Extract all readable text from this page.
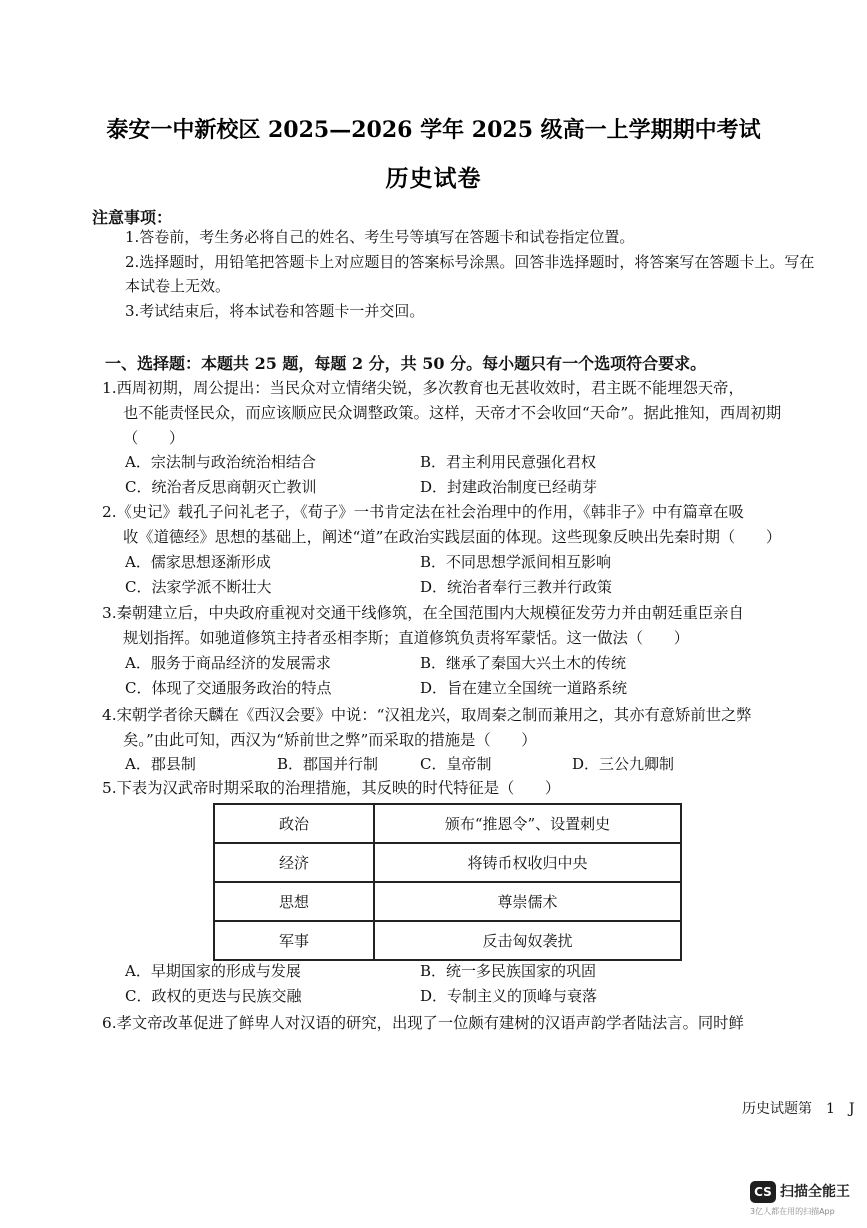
泰安一中新校区 2025—2026 学年 2025 级高一上学期期中考试
历史试卷
注意事项：
1.答卷前，考生务必将自己的姓名、考生号等填写在答题卡和试卷指定位置。
2.选择题时，用铅笔把答题卡上对应题目的答案标号涂黑。回答非选择题时，将答案写在答题卡上。写在本试卷上无效。
3.考试结束后，将本试卷和答题卡一并交回。
一、选择题：本题共 25 题，每题 2 分，共 50 分。每小题只有一个选项符合要求。
1.西周初期，周公提出：当民众对立情绪尖锐，多次教育也无甚收效时，君主既不能埋怨天帝，
也不能责怪民众，而应该顺应民众调整政策。这样，天帝才不会收回“天命”。据此推知，西周初期（　　）
A．宗法制与政治统治相结合	B．君主利用民意强化君权
C．统治者反思商朝灭亡教训	D．封建政治制度已经萌芽
2.《史记》载孔子问礼老子，《荀子》一书肯定法在社会治理中的作用，《韩非子》中有篇章在吸
收《道德经》思想的基础上，阐述“道”在政治实践层面的体现。这些现象反映出先秦时期（　　）
A．儒家思想逐渐形成	B．不同思想学派间相互影响
C．法家学派不断壮大	D．统治者奉行三教并行政策
3.秦朝建立后，中央政府重视对交通干线修筑，在全国范围内大规模征发劳力并由朝廷重臣亲自
规划指挥。如驰道修筑主持者丞相李斯；直道修筑负责将军蒙恬。这一做法（　　）
A．服务于商品经济的发展需求	B．继承了秦国大兴土木的传统
C．体现了交通服务政治的特点	D．旨在建立全国统一道路系统
4.宋朝学者徐天麟在《西汉会要》中说：“汉祖龙兴，取周秦之制而兼用之，其亦有意矫前世之弊
矣。”由此可知，西汉为“矫前世之弊”而采取的措施是（　　）
A．郡县制	B．郡国并行制	C．皇帝制	D．三公九卿制
5.下表为汉武帝时期采取的治理措施，其反映的时代特征是（　　）
政治	颁布“推恩令”、设置刺史
经济	将铸币权收归中央
思想	尊崇儒术
军事	反击匈奴袭扰
A．早期国家的形成与发展	B．统一多民族国家的巩固
C．政权的更迭与民族交融	D．专制主义的顶峰与衰落
6.孝文帝改革促进了鲜卑人对汉语的研究，出现了一位颇有建树的汉语声韵学者陆法言。同时鲜
历史试题第　1　J
CS 扫描全能王
3亿人都在用的扫描App
